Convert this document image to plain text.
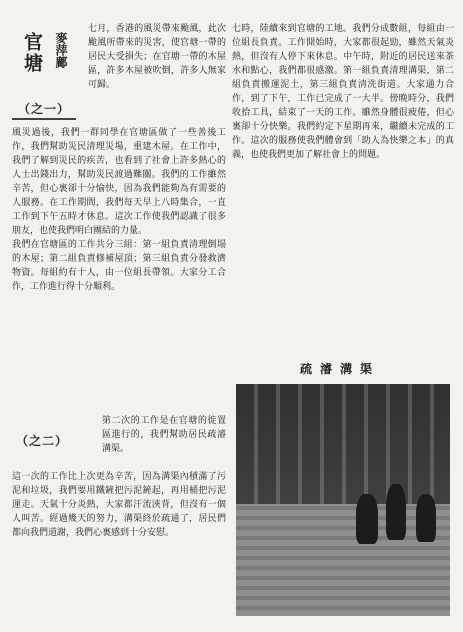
官塘 麥萍鄺
（之一）
七月，香港的風災帶來颱風，此次颱風所帶來的災害，使官塘一帶的居民大受損失；在官塘一帶的木屋區，許多木屋被吹倒，許多人無家可歸。
風災過後，我們一群同學在官塘區做了一些善後工作，我們幫助災民清理災場，重建木屋。在工作中，我們了解到災民的疾苦，也看到了社會上許多熱心的人士出錢出力，幫助災民渡過難關。我們的工作雖然辛苦，但心裏卻十分愉快，因為我們能夠為有需要的人服務。在工作期間，我們每天早上八時集合，一直工作到下午五時才休息。這次工作使我們認識了很多朋友，也使我們明白團結的力量。
我們在官塘區的工作共分三組：第一組負責清理倒塌的木屋；第二組負責修補屋頂；第三組負責分發救濟物資。每組約有十人，由一位組長帶領。大家分工合作，工作進行得十分順利。
（之二）
第二次的工作是在官塘的徙置區進行的，我們幫助居民疏濬溝渠。
這一次的工作比上次更為辛苦，因為溝渠內積滿了污泥和垃圾，我們要用鐵鏟把污泥鏟起，再用桶把污泥運走。天氣十分炎熱，大家都汗流浹背，但沒有一個人叫苦。經過幾天的努力，溝渠終於疏通了，居民們都向我們道謝，我們心裏感到十分安慰。
七時，陸續來到官塘的工地。我們分成數組，每組由一位組長負責。工作開始時，大家都很起勁，雖然天氣炎熱，但沒有人停下來休息。中午時，附近的居民送來茶水和點心，我們都很感激。第一組負責清理溝渠，第二組負責搬運泥土，第三組負責清洗街道。大家通力合作，到了下午，工作已完成了一大半。傍晚時分，我們收拾工具，結束了一天的工作。雖然身體很疲倦，但心裏卻十分快樂。我們約定下星期再來，繼續未完成的工作。這次的服務使我們體會到「助人為快樂之本」的真義，也使我們更加了解社會上的問題。
疏濬溝渠
